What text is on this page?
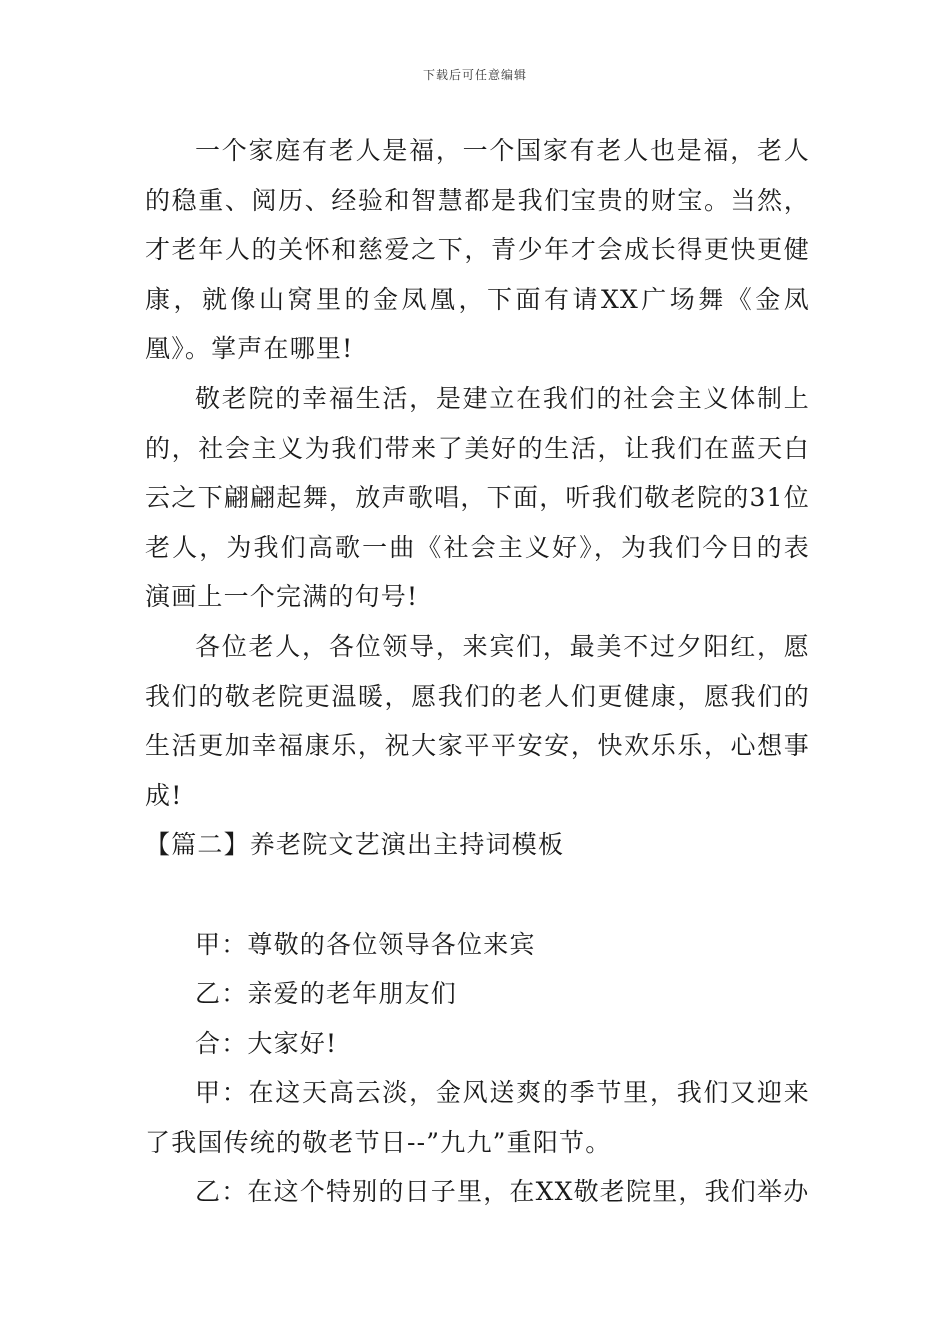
下载后可任意编辑

一个家庭有老人是福，一个国家有老人也是福，老人的稳重、阅历、经验和智慧都是我们宝贵的财宝。当然，才老年人的关怀和慈爱之下，青少年才会成长得更快更健康，就像山窝里的金凤凰，下面有请XX广场舞《金凤凰》。掌声在哪里!

敬老院的幸福生活，是建立在我们的社会主义体制上的，社会主义为我们带来了美好的生活，让我们在蓝天白云之下翩翩起舞，放声歌唱，下面，听我们敬老院的31位老人，为我们高歌一曲《社会主义好》，为我们今日的表演画上一个完满的句号!

各位老人，各位领导，来宾们，最美不过夕阳红，愿我们的敬老院更温暖，愿我们的老人们更健康，愿我们的生活更加幸福康乐，祝大家平平安安，快欢乐乐，心想事成!

【篇二】养老院文艺演出主持词模板

甲：尊敬的各位领导各位来宾

乙：亲爱的老年朋友们

合：大家好!

甲：在这天高云淡，金风送爽的季节里，我们又迎来了我国传统的敬老节日--”九九”重阳节。

乙：在这个特别的日子里，在XX敬老院里，我们举办
